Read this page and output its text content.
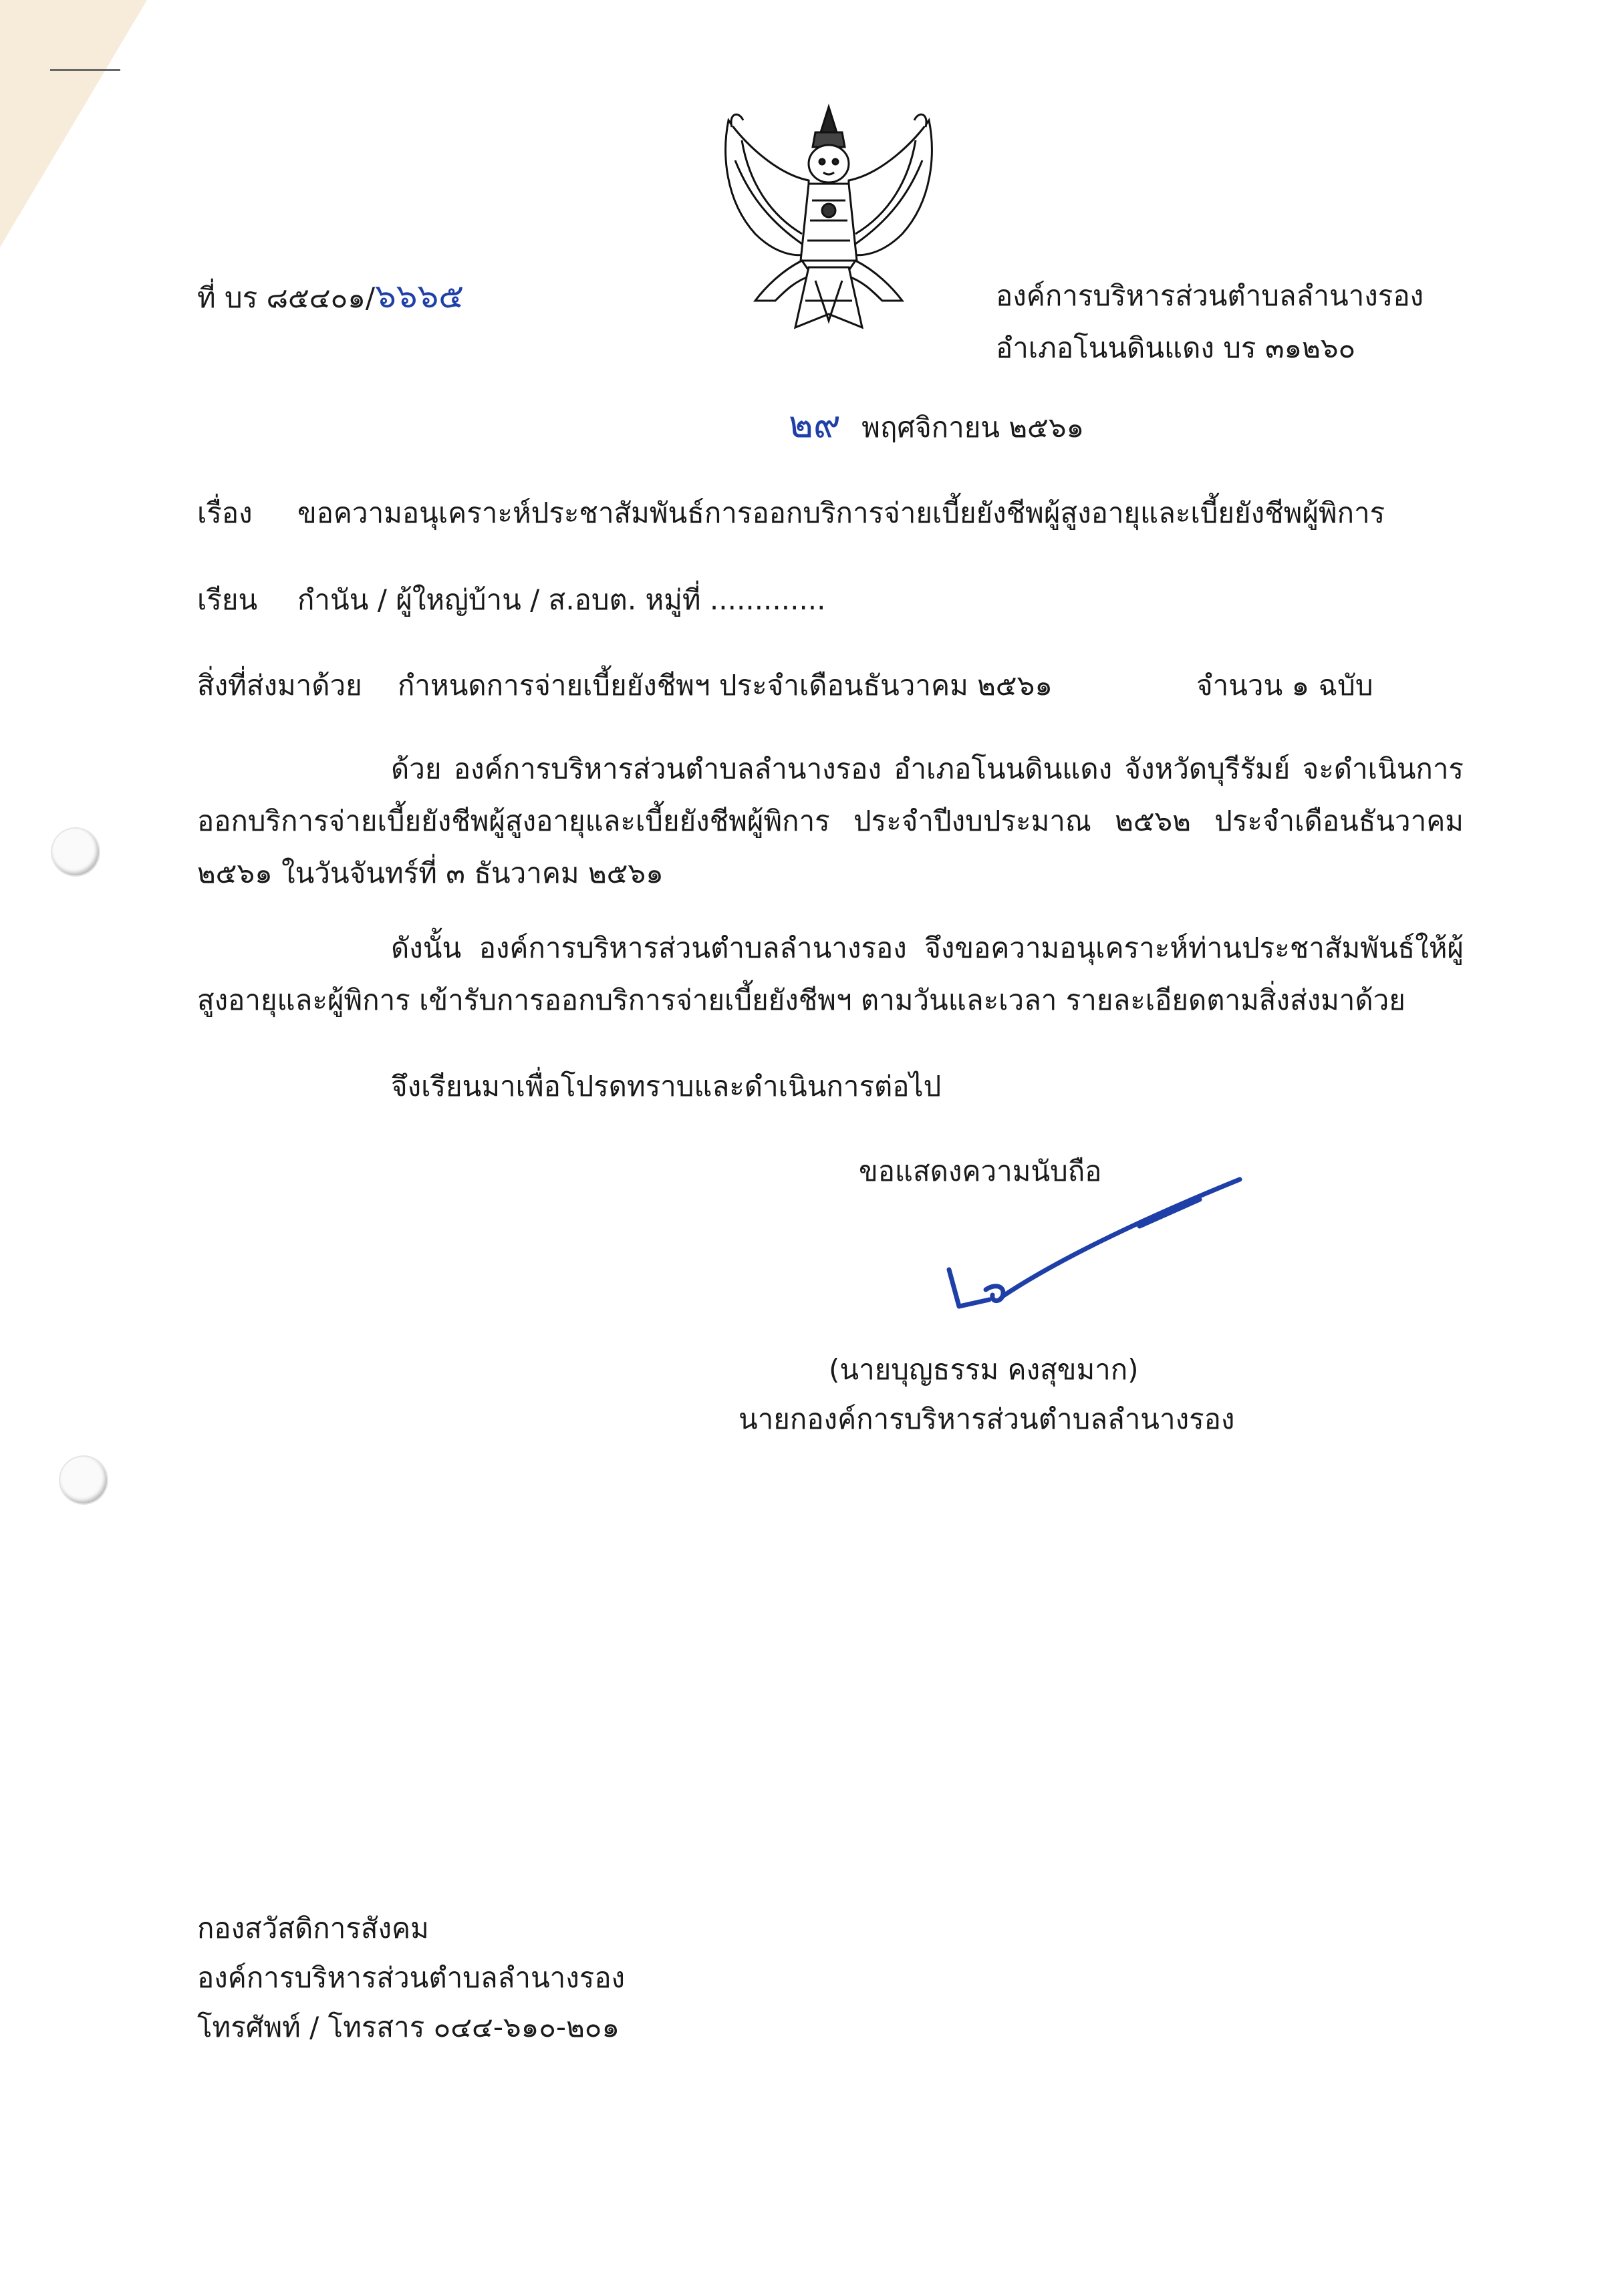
ที่ บร ๘๕๔๐๑/๖๖๖๕	องค์การบริหารส่วนตำบลลำนางรอง
อำเภอโนนดินแดง บร ๓๑๒๖๐
๒๙ พฤศจิกายน ๒๕๖๑
เรื่อง ขอความอนุเคราะห์ประชาสัมพันธ์การออกบริการจ่ายเบี้ยยังชีพผู้สูงอายุและเบี้ยยังชีพผู้พิการ
เรียน กำนัน / ผู้ใหญ่บ้าน / ส.อบต. หมู่ที่ .............
สิ่งที่ส่งมาด้วย กำหนดการจ่ายเบี้ยยังชีพฯ ประจำเดือนธันวาคม ๒๕๖๑	จำนวน ๑ ฉบับ
ด้วย องค์การบริหารส่วนตำบลลำนางรอง อำเภอโนนดินแดง จังหวัดบุรีรัมย์ จะดำเนินการออกบริการจ่ายเบี้ยยังชีพผู้สูงอายุและเบี้ยยังชีพผู้พิการ ประจำปีงบประมาณ ๒๕๖๒ ประจำเดือนธันวาคม ๒๕๖๑ ในวันจันทร์ที่ ๓ ธันวาคม ๒๕๖๑
ดังนั้น องค์การบริหารส่วนตำบลลำนางรอง จึงขอความอนุเคราะห์ท่านประชาสัมพันธ์ให้ผู้สูงอายุและผู้พิการ เข้ารับการออกบริการจ่ายเบี้ยยังชีพฯ ตามวันและเวลา รายละเอียดตามสิ่งส่งมาด้วย
จึงเรียนมาเพื่อโปรดทราบและดำเนินการต่อไป
ขอแสดงความนับถือ
(นายบุญธรรม คงสุขมาก)
นายกองค์การบริหารส่วนตำบลลำนางรอง
กองสวัสดิการสังคม
องค์การบริหารส่วนตำบลลำนางรอง
โทรศัพท์ / โทรสาร ๐๔๔-๖๑๐-๒๐๑
